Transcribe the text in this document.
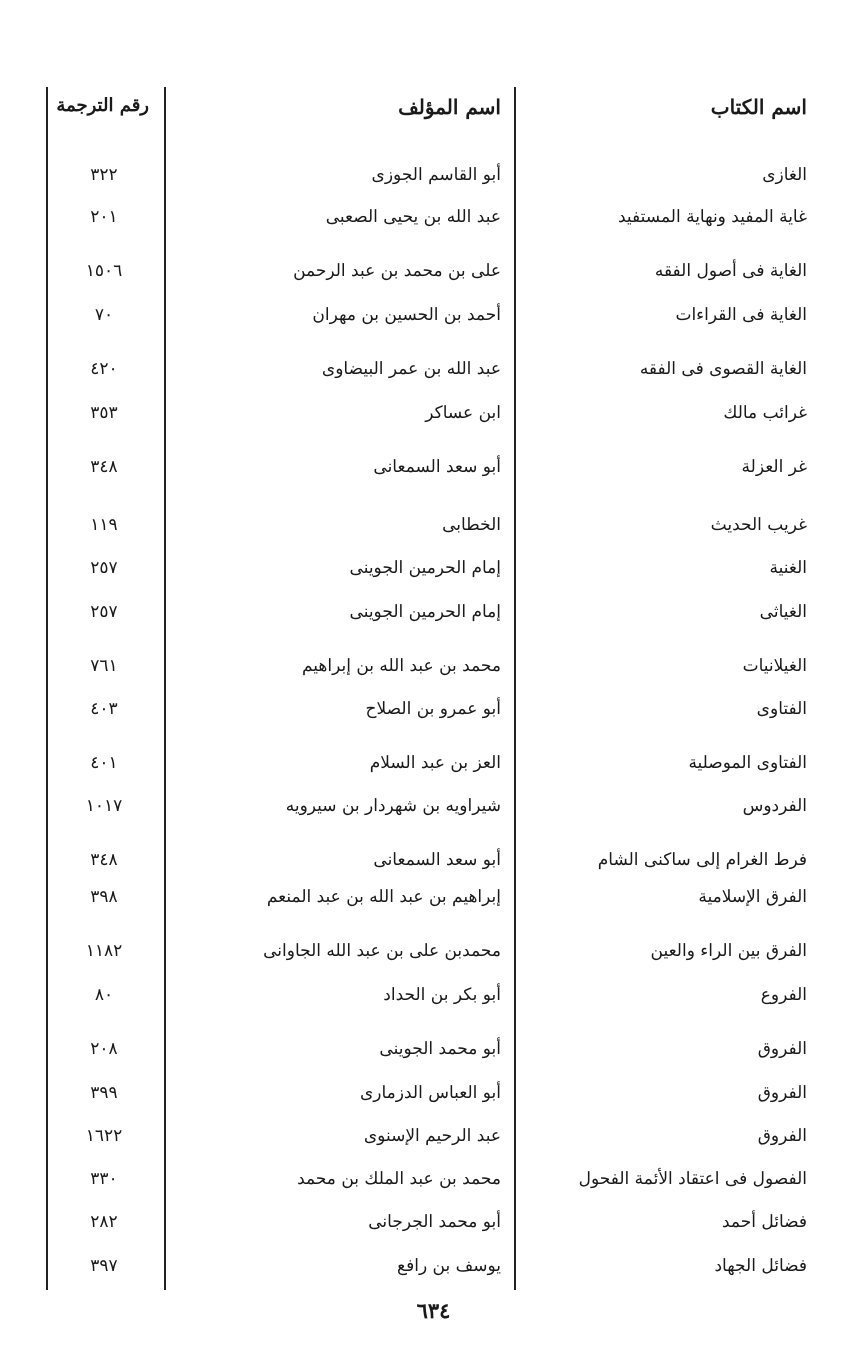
اسم الكتاب
اسم المؤلف
رقم الترجمة
الغازى
أبو القاسم الجوزى
٣٢٢
غاية المفيد ونهاية المستفيد
عبد الله بن يحيى الصعبى
٢٠١
الغاية فى أصول الفقه
على بن محمد بن عبد الرحمن
١٥٠٦
الغاية فى القراءات
أحمد بن الحسين بن مهران
٧٠
الغاية القصوى فى الفقه
عبد الله بن عمر البيضاوى
٤٢٠
غرائب مالك
ابن عساكر
٣٥٣
غر العزلة
أبو سعد السمعانى
٣٤٨
غريب الحديث
الخطابى
١١٩
الغنية
إمام الحرمين الجوينى
٢٥٧
الغياثى
إمام الحرمين الجوينى
٢٥٧
الغيلانيات
محمد بن عبد الله بن إبراهيم
٧٦١
الفتاوى
أبو عمرو بن الصلاح
٤٠٣
الفتاوى الموصلية
العز بن عبد السلام
٤٠١
الفردوس
شيراويه بن شهردار بن سيرويه
١٠١٧
فرط الغرام إلى ساكنى الشام
أبو سعد السمعانى
٣٤٨
الفرق الإسلامية
إبراهيم بن عبد الله بن عبد المنعم
٣٩٨
الفرق بين الراء والعين
محمدبن على بن عبد الله الجاوانى
١١٨٢
الفروع
أبو بكر بن الحداد
٨٠
الفروق
أبو محمد الجوينى
٢٠٨
الفروق
أبو العباس الدزمارى
٣٩٩
الفروق
عبد الرحيم الإسنوى
١٦٢٢
الفصول فى اعتقاد الأئمة الفحول
محمد بن عبد الملك بن محمد
٣٣٠
فضائل أحمد
أبو محمد الجرجانى
٢٨٢
فضائل الجهاد
يوسف بن رافع
٣٩٧
٦٣٤
